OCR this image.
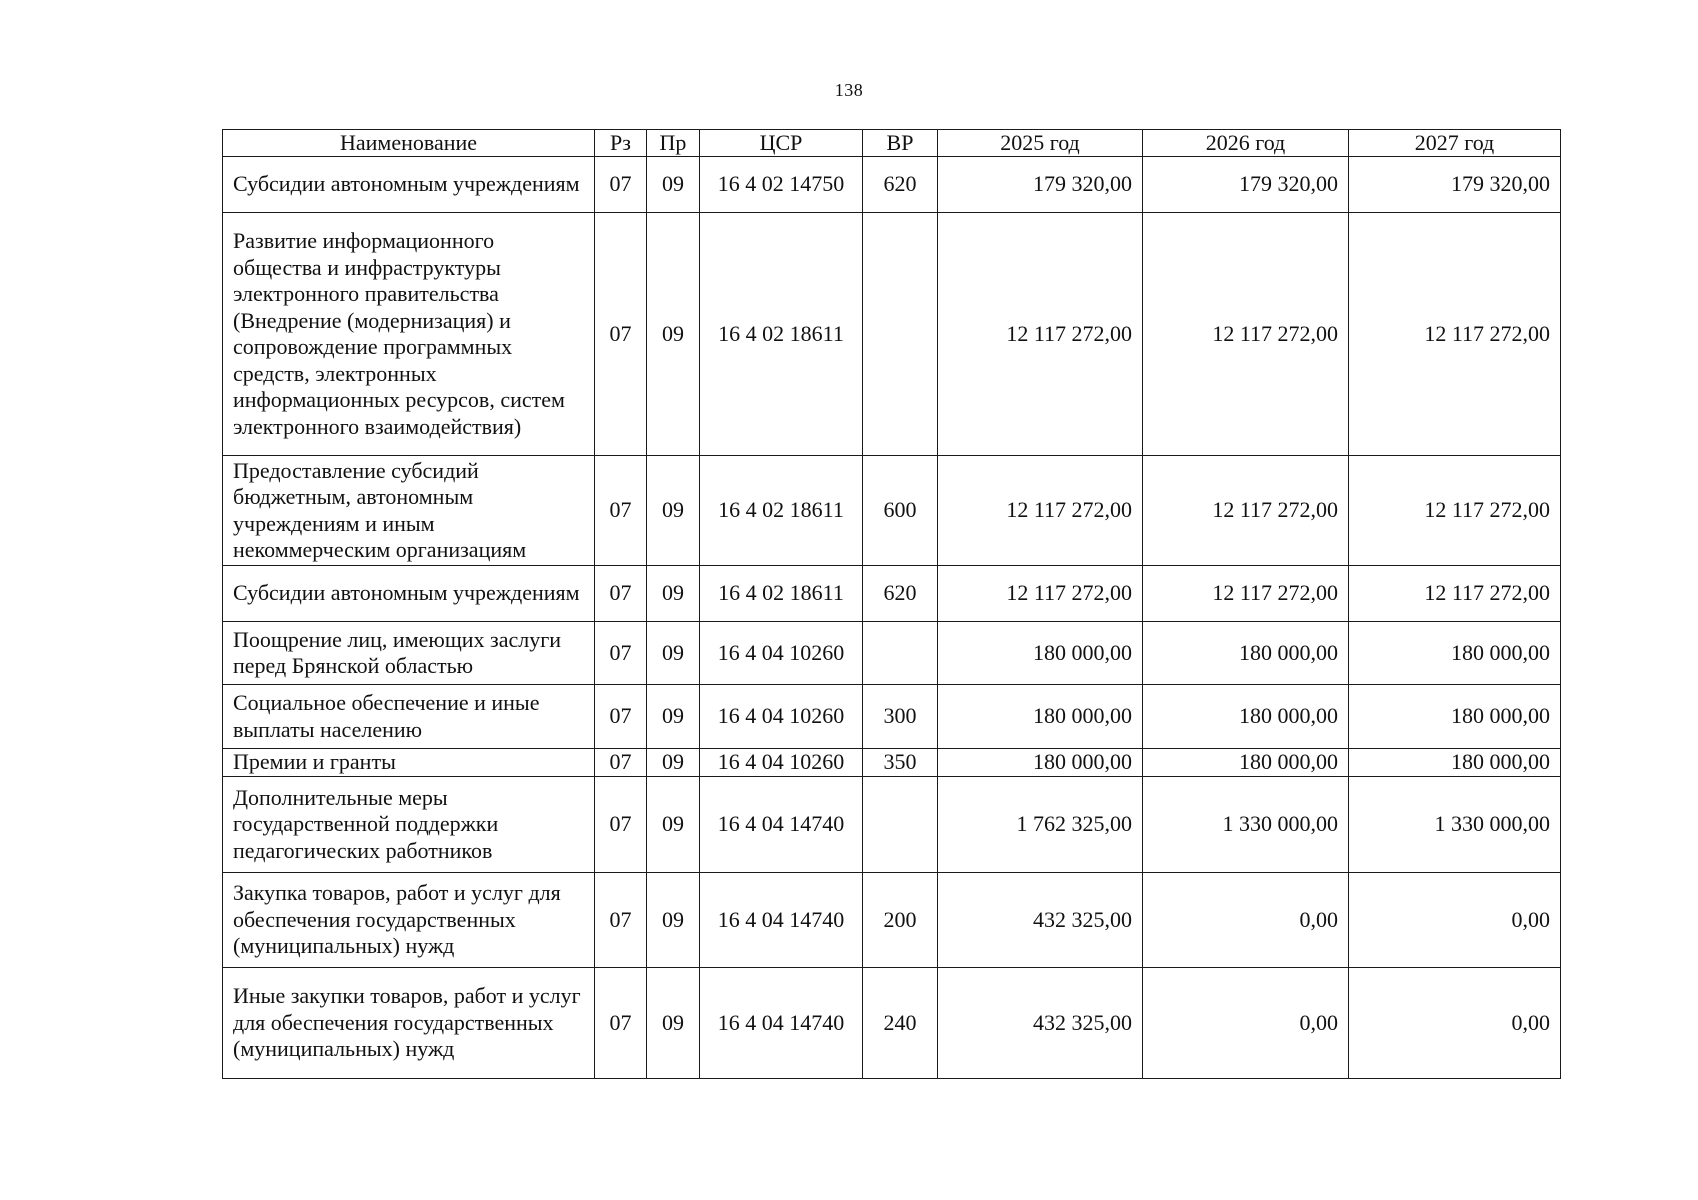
138
Наименование	Рз	Пр	ЦСР	ВР	2025 год	2026 год	2027 год
Субсидии автономным учреждениям	07	09	16 4 02 14750	620	179 320,00	179 320,00	179 320,00
Развитие информационного общества и инфраструктуры электронного правительства (Внедрение (модернизация) и сопровождение программных средств, электронных информационных ресурсов, систем электронного взаимодействия)	07	09	16 4 02 18611		12 117 272,00	12 117 272,00	12 117 272,00
Предоставление субсидий бюджетным, автономным учреждениям и иным некоммерческим организациям	07	09	16 4 02 18611	600	12 117 272,00	12 117 272,00	12 117 272,00
Субсидии автономным учреждениям	07	09	16 4 02 18611	620	12 117 272,00	12 117 272,00	12 117 272,00
Поощрение лиц, имеющих заслуги перед Брянской областью	07	09	16 4 04 10260		180 000,00	180 000,00	180 000,00
Социальное обеспечение и иные выплаты населению	07	09	16 4 04 10260	300	180 000,00	180 000,00	180 000,00
Премии и гранты	07	09	16 4 04 10260	350	180 000,00	180 000,00	180 000,00
Дополнительные меры государственной поддержки педагогических работников	07	09	16 4 04 14740		1 762 325,00	1 330 000,00	1 330 000,00
Закупка товаров, работ и услуг для обеспечения государственных (муниципальных) нужд	07	09	16 4 04 14740	200	432 325,00	0,00	0,00
Иные закупки товаров, работ и услуг для обеспечения государственных (муниципальных) нужд	07	09	16 4 04 14740	240	432 325,00	0,00	0,00
